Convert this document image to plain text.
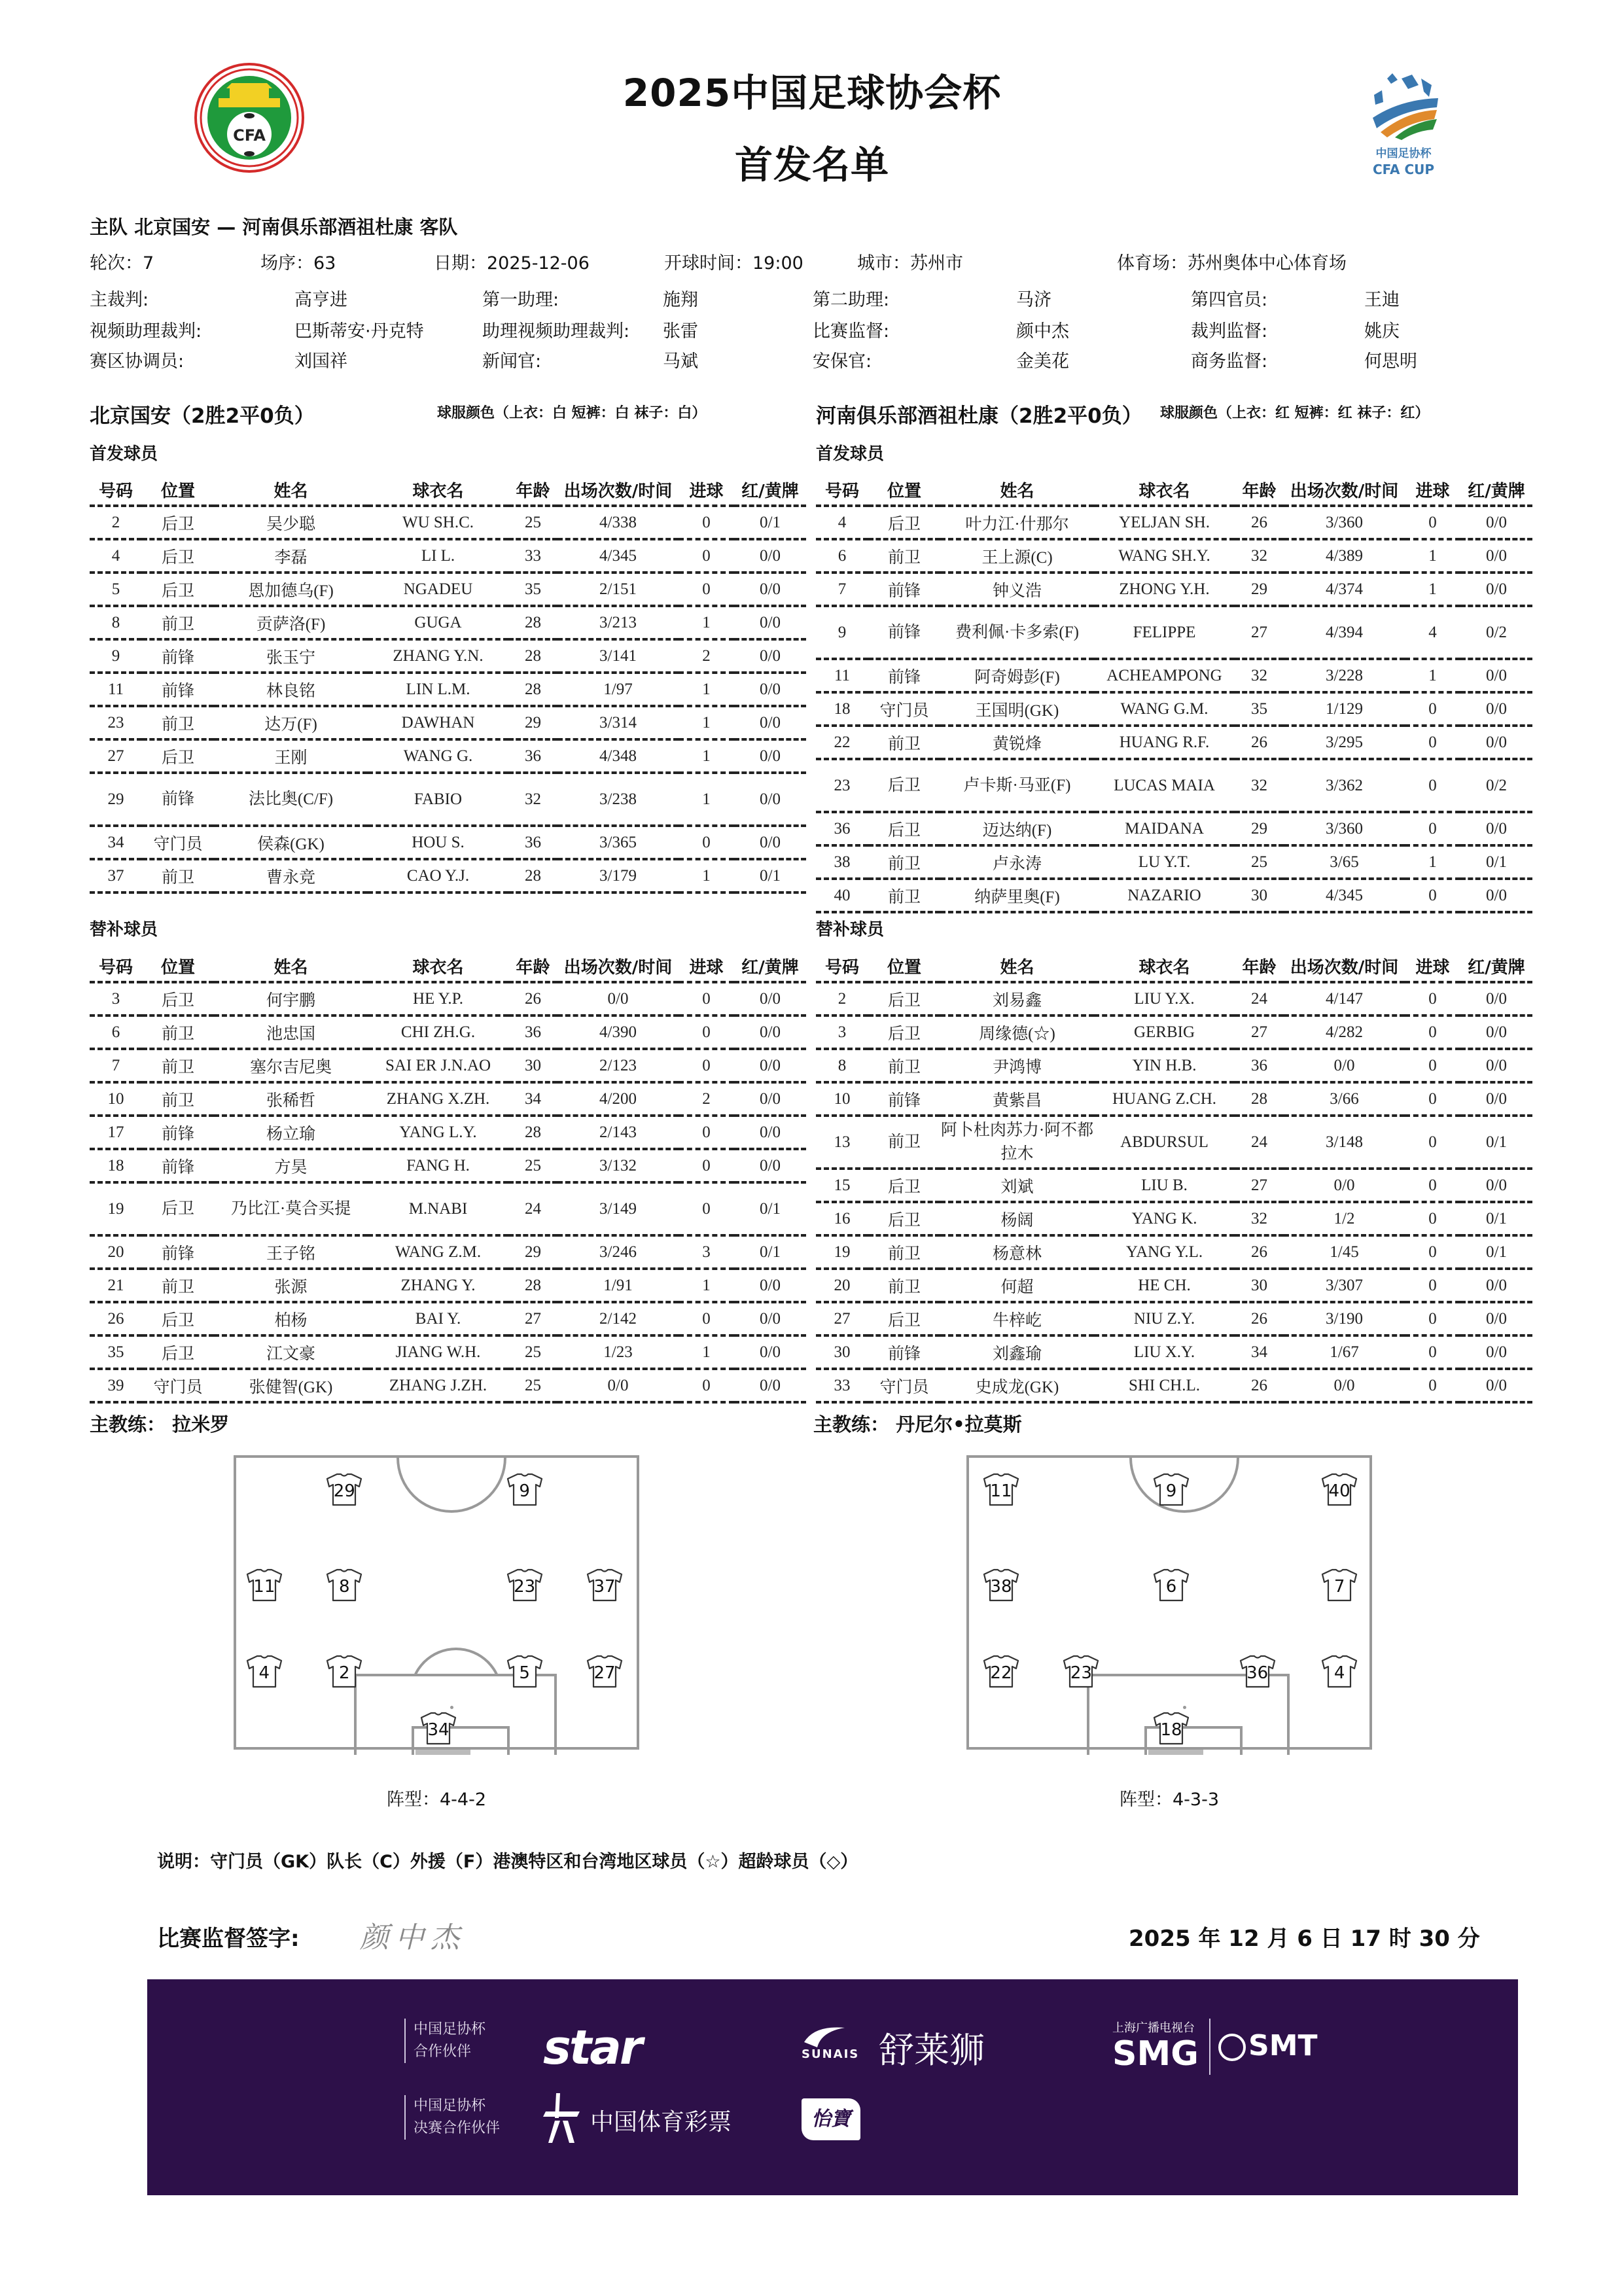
CFA
中国足协杯
CFA CUP
2025中国足球协会杯
首发名单
主队 北京国安 — 河南俱乐部酒祖杜康 客队
轮次：7	场序：63	日期：2025-12-06	开球时间：19:00	城市：苏州市	体育场：苏州奥体中心体育场
主裁判:	高亨进	第一助理:	施翔	第二助理:	马济	第四官员:	王迪
视频助理裁判:	巴斯蒂安·丹克特	助理视频助理裁判: 张雷	比赛监督:	颜中杰	裁判监督:	姚庆
赛区协调员:	刘国祥	新闻官:	马斌	安保官:	金美花	商务监督:	何思明
北京国安（2胜2平0负）	球服颜色（上衣：白 短裤：白 袜子：白）	河南俱乐部酒祖杜康（2胜2平0负） 球服颜色（上衣：红 短裤：红 袜子：红）
首发球员	首发球员
号码	位置	姓名	球衣名	年龄	出场次数/时间	进球	红/黄牌
2	后卫	吴少聪	WU SH.C.	25	4/338	0	0/1
4	后卫	李磊	LI L.	33	4/345	0	0/0
5	后卫	恩加德乌(F)	NGADEU	35	2/151	0	0/0
8	前卫	贡萨洛(F)	GUGA	28	3/213	1	0/0
9	前锋	张玉宁	ZHANG Y.N.	28	3/141	2	0/0
11	前锋	林良铭	LIN L.M.	28	1/97	1	0/0
23	前卫	达万(F)	DAWHAN	29	3/314	1	0/0
27	后卫	王刚	WANG G.	36	4/348	1	0/0
29	前锋	法比奥(C/F)	FABIO	32	3/238	1	0/0
34	守门员	侯森(GK)	HOU S.	36	3/365	0	0/0
37	前卫	曹永竞	CAO Y.J.	28	3/179	1	0/1
号码	位置	姓名	球衣名	年龄	出场次数/时间	进球	红/黄牌
4	后卫	叶力江·什那尔	YELJAN SH.	26	3/360	0	0/0
6	前卫	王上源(C)	WANG SH.Y.	32	4/389	1	0/0
7	前锋	钟义浩	ZHONG Y.H.	29	4/374	1	0/0
9	前锋	费利佩·卡多索(F)	FELIPPE	27	4/394	4	0/2
11	前锋	阿奇姆彭(F)	ACHEAMPONG	32	3/228	1	0/0
18	守门员	王国明(GK)	WANG G.M.	35	1/129	0	0/0
22	前卫	黄锐烽	HUANG R.F.	26	3/295	0	0/0
23	后卫	卢卡斯·马亚(F)	LUCAS MAIA	32	3/362	0	0/2
36	后卫	迈达纳(F)	MAIDANA	29	3/360	0	0/0
38	前卫	卢永涛	LU Y.T.	25	3/65	1	0/1
40	前卫	纳萨里奥(F)	NAZARIO	30	4/345	0	0/0
替补球员	替补球员
号码	位置	姓名	球衣名	年龄	出场次数/时间	进球	红/黄牌
3	后卫	何宇鹏	HE Y.P.	26	0/0	0	0/0
6	前卫	池忠国	CHI ZH.G.	36	4/390	0	0/0
7	前卫	塞尔吉尼奥	SAI ER J.N.AO	30	2/123	0	0/0
10	前卫	张稀哲	ZHANG X.ZH.	34	4/200	2	0/0
17	前锋	杨立瑜	YANG L.Y.	28	2/143	0	0/0
18	前锋	方昊	FANG H.	25	3/132	0	0/0
19	后卫	乃比江·莫合买提	M.NABI	24	3/149	0	0/1
20	前锋	王子铭	WANG Z.M.	29	3/246	3	0/1
21	前卫	张源	ZHANG Y.	28	1/91	1	0/0
26	后卫	柏杨	BAI Y.	27	2/142	0	0/0
35	后卫	江文豪	JIANG W.H.	25	1/23	1	0/0
39	守门员	张健智(GK)	ZHANG J.ZH.	25	0/0	0	0/0
号码	位置	姓名	球衣名	年龄	出场次数/时间	进球	红/黄牌
2	后卫	刘易鑫	LIU Y.X.	24	4/147	0	0/0
3	后卫	周缘德(☆)	GERBIG	27	4/282	0	0/0
8	前卫	尹鸿博	YIN H.B.	36	0/0	0	0/0
10	前锋	黄紫昌	HUANG Z.CH.	28	3/66	0	0/0
13	前卫	阿卜杜肉苏力·阿不都拉木	ABDURSUL	24	3/148	0	0/1
15	后卫	刘斌	LIU B.	27	0/0	0	0/0
16	后卫	杨阔	YANG K.	32	1/2	0	0/1
19	前卫	杨意林	YANG Y.L.	26	1/45	0	0/1
20	前卫	何超	HE CH.	30	3/307	0	0/0
27	后卫	牛梓屹	NIU Z.Y.	26	3/190	0	0/0
30	前锋	刘鑫瑜	LIU X.Y.	34	1/67	0	0/0
33	守门员	史成龙(GK)	SHI CH.L.	26	0/0	0	0/0
主教练： 拉米罗	主教练： 丹尼尔•拉莫斯
29	9
11	8	23	37
4	2	5	27
34
11	9	40
38	6	7
22	23	36	4
18
阵型：4-4-2	阵型：4-3-3
说明：守门员（GK）队长（C）外援（F）港澳特区和台湾地区球员（☆）超龄球员（◇）
比赛监督签字: 颜中杰	2025 年 12 月 6 日 17 时 30 分
中国足协杯
合作伙伴	star	SUNAIS 舒莱狮
上海广播电视台
SMG	SMT
中国足协杯
决赛合作伙伴	中国体育彩票	怡寶
